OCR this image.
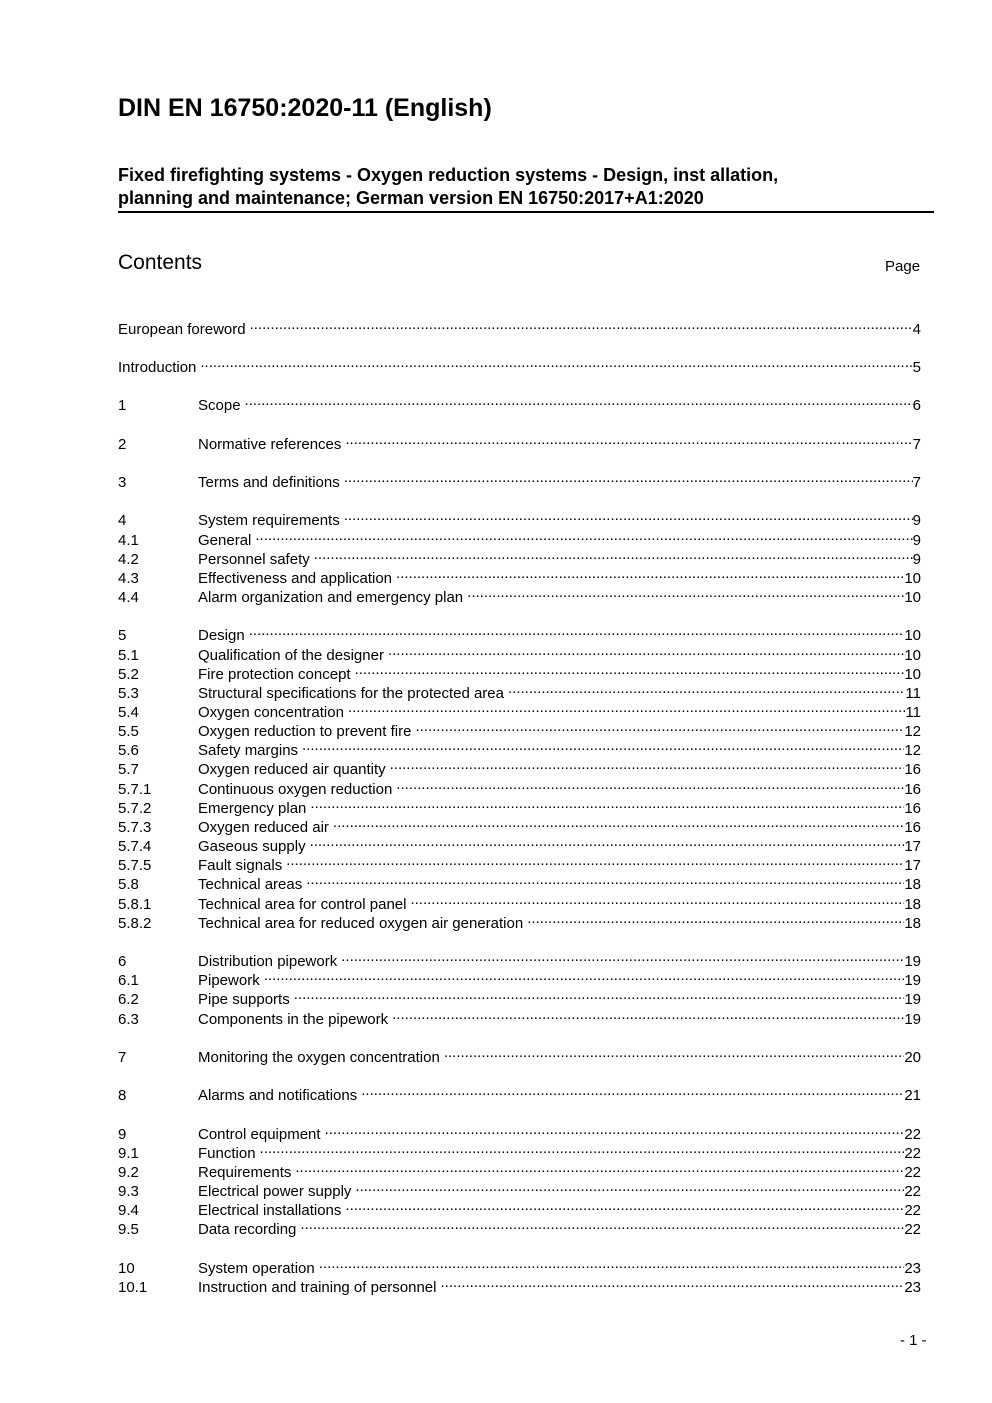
DIN EN 16750:2020-11 (English)
Fixed firefighting systems - Oxygen reduction systems - Design, inst allation,
planning and maintenance; German version EN 16750:2017+A1:2020
Contents	Page
European foreword .....	4
Introduction .....	5
1	Scope .....	6
2	Normative references .....	7
3	Terms and definitions .....	7
4	System requirements .....	9
4.1	General .....	9
4.2	Personnel safety .....	9
4.3	Effectiveness and application .....	10
4.4	Alarm organization and emergency plan .....	10
5	Design .....	10
5.1	Qualification of the designer .....	10
5.2	Fire protection concept .....	10
5.3	Structural specifications for the protected area .....	11
5.4	Oxygen concentration .....	11
5.5	Oxygen reduction to prevent fire .....	12
5.6	Safety margins .....	12
5.7	Oxygen reduced air quantity .....	16
5.7.1	Continuous oxygen reduction .....	16
5.7.2	Emergency plan .....	16
5.7.3	Oxygen reduced air .....	16
5.7.4	Gaseous supply .....	17
5.7.5	Fault signals .....	17
5.8	Technical areas .....	18
5.8.1	Technical area for control panel .....	18
5.8.2	Technical area for reduced oxygen air generation .....	18
6	Distribution pipework .....	19
6.1	Pipework .....	19
6.2	Pipe supports .....	19
6.3	Components in the pipework .....	19
7	Monitoring the oxygen concentration .....	20
8	Alarms and notifications .....	21
9	Control equipment .....	22
9.1	Function .....	22
9.2	Requirements .....	22
9.3	Electrical power supply .....	22
9.4	Electrical installations .....	22
9.5	Data recording .....	22
10	System operation .....	23
10.1	Instruction and training of personnel .....	23
- 1 -
